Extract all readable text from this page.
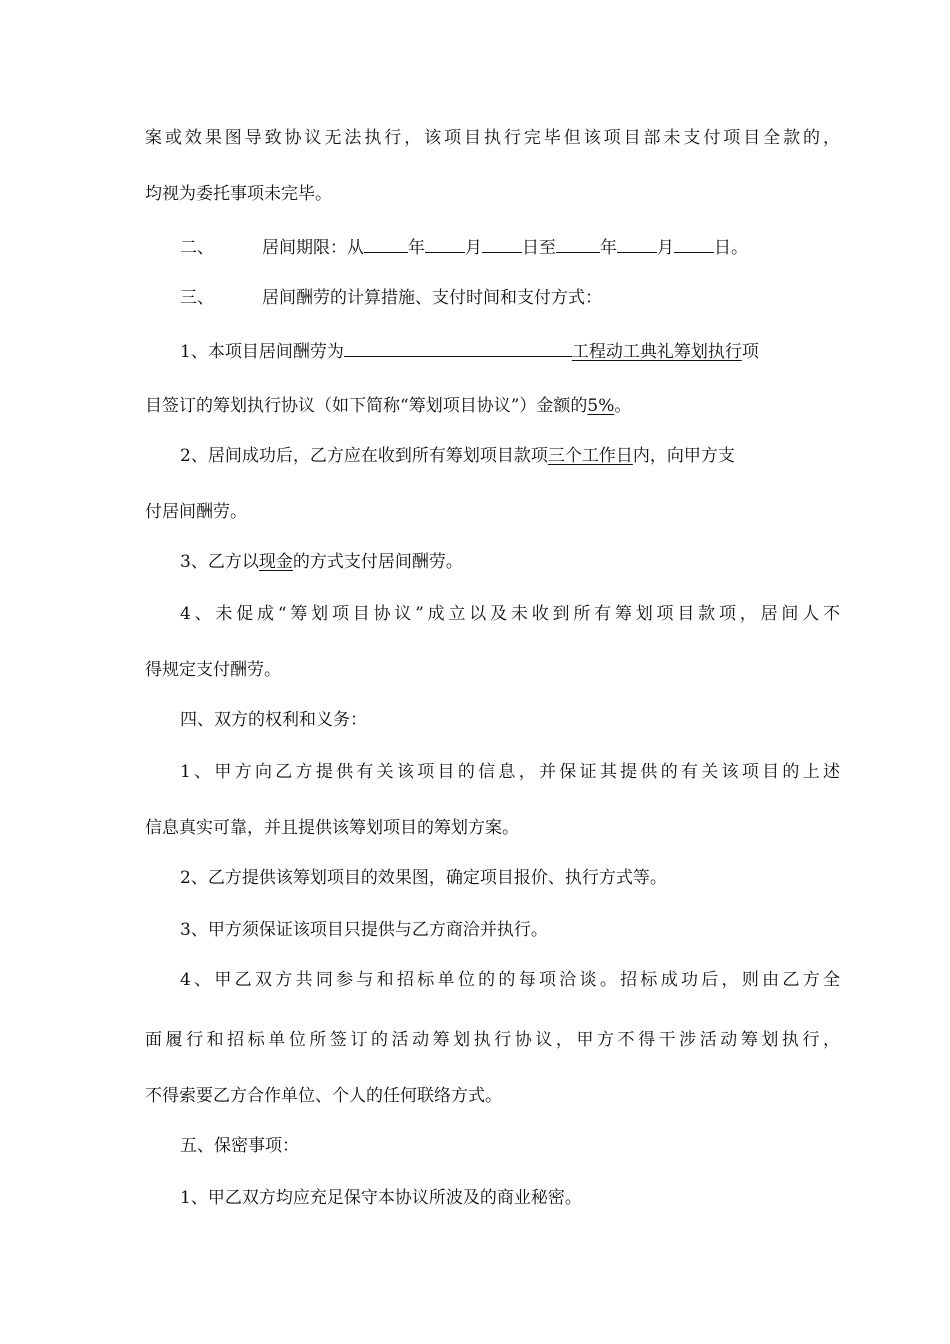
案或效果图导致协议无法执行，该项目执行完毕但该项目部未支付项目全款的，
均视为委托事项未完毕。
二、	居间期限：从	年 月 日至	年 月 日。
三、	居间酬劳的计算措施、支付时间和支付方式：
1、本项目居间酬劳为	工程动工典礼筹划执行项
目签订的筹划执行协议（如下简称“筹划项目协议”）金额的5%。
2、居间成功后，乙方应在收到所有筹划项目款项三个工作日内，向甲方支
付居间酬劳。
3、乙方以现金的方式支付居间酬劳。
4、未促成“筹划项目协议”成立以及未收到所有筹划项目款项，居间人不
得规定支付酬劳。
四、双方的权利和义务：
1、甲方向乙方提供有关该项目的信息，并保证其提供的有关该项目的上述
信息真实可靠，并且提供该筹划项目的筹划方案。
2、乙方提供该筹划项目的效果图，确定项目报价、执行方式等。
3、甲方须保证该项目只提供与乙方商洽并执行。
4、甲乙双方共同参与和招标单位的的每项洽谈。招标成功后，则由乙方全
面履行和招标单位所签订的活动筹划执行协议，甲方不得干涉活动筹划执行，
不得索要乙方合作单位、个人的任何联络方式。
五、保密事项：
1、甲乙双方均应充足保守本协议所波及的商业秘密。
